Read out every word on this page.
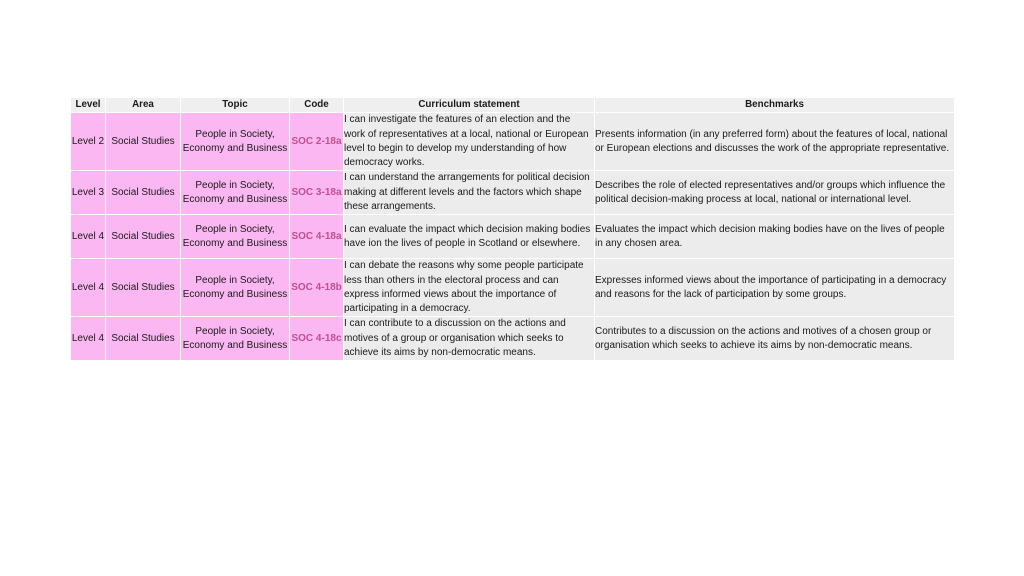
Level	Area	Topic	Code	Curriculum statement	Benchmarks
Level 2	Social Studies	People in Society, Economy and Business	SOC 2-18a	I can investigate the features of an election and the work of representatives at a local, national or European level to begin to develop my understanding of how democracy works.	Presents information (in any preferred form) about the features of local, national or European elections and discusses the work of the appropriate representative.
Level 3	Social Studies	People in Society, Economy and Business	SOC 3-18a	I can understand the arrangements for political decision making at different levels and the factors which shape these arrangements.	Describes the role of elected representatives and/or groups which influence the political decision-making process at local, national or international level.
Level 4	Social Studies	People in Society, Economy and Business	SOC 4-18a	I can evaluate the impact which decision making bodies have ion the lives of people in Scotland or elsewhere.	Evaluates the impact which decision making bodies have on the lives of people in any chosen area.
Level 4	Social Studies	People in Society, Economy and Business	SOC 4-18b	I can debate the reasons why some people participate less than others in the electoral process and can express informed views about the importance of participating in a democracy.	Expresses informed views about the importance of participating in a democracy and reasons for the lack of participation by some groups.
Level 4	Social Studies	People in Society, Economy and Business	SOC 4-18c	I can contribute to a discussion on the actions and motives of a group or organisation which seeks to achieve its aims by non-democratic means.	Contributes to a discussion on the actions and motives of a chosen group or organisation which seeks to achieve its aims by non-democratic means.
